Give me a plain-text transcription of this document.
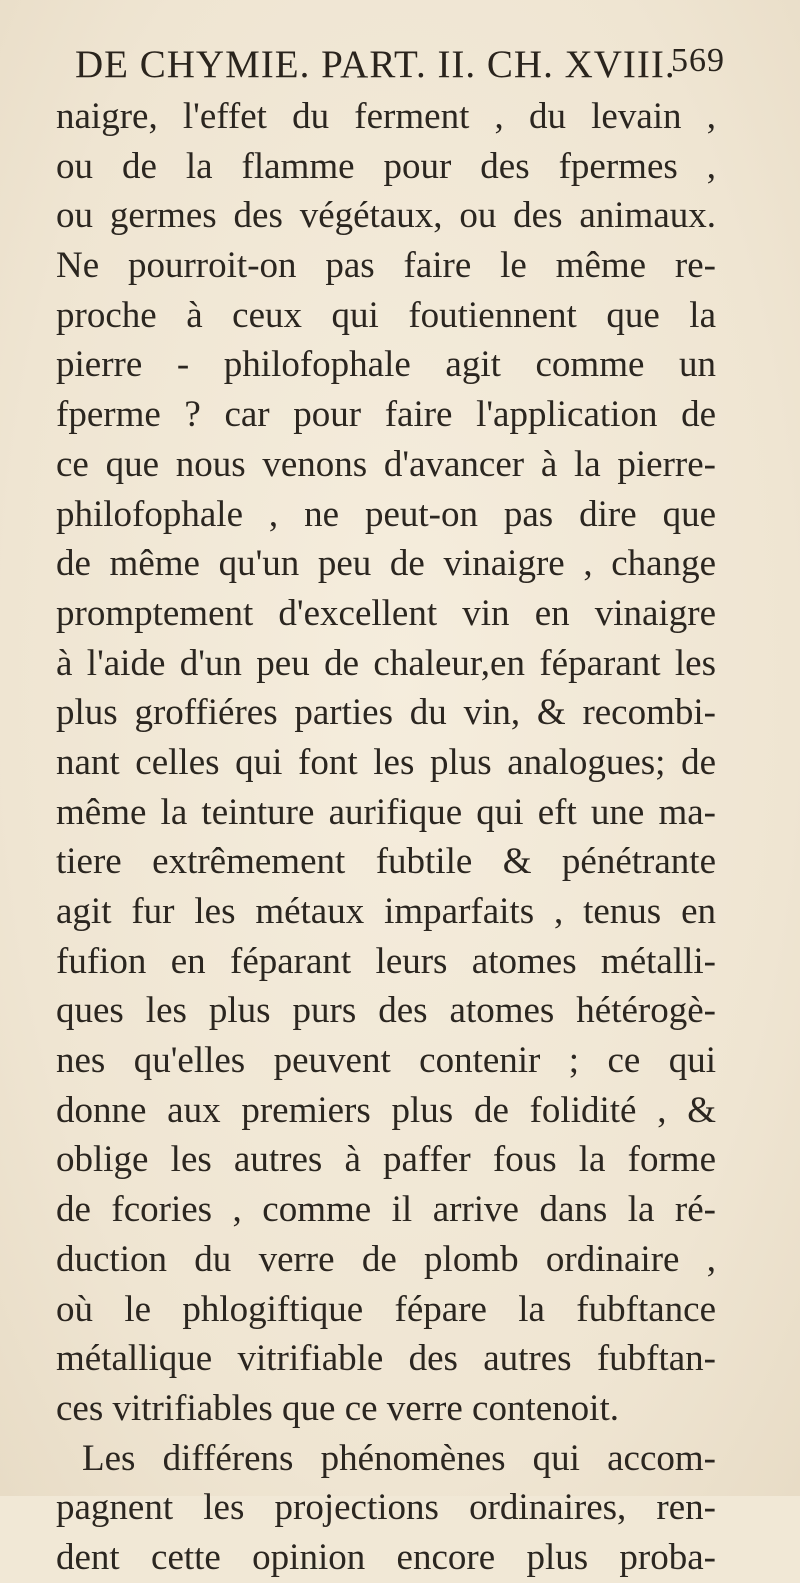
DE CHYMIE. PART. II. CH. XVIII.
569
naigre, l'effet du ferment , du levain ,
ou de la flamme pour des fpermes ,
ou germes des végétaux, ou des animaux.
Ne pourroit-on pas faire le même re-
proche à ceux qui foutiennent que la
pierre - philofophale agit comme un
fperme ? car pour faire l'application de
ce que nous venons d'avancer à la pierre-
philofophale , ne peut-on pas dire que
de même qu'un peu de vinaigre , change
promptement d'excellent vin en vinaigre
à l'aide d'un peu de chaleur,en féparant les
plus groffiéres parties du vin, & recombi-
nant celles qui font les plus analogues; de
même la teinture aurifique qui eft une ma-
tiere extrêmement fubtile & pénétrante
agit fur les métaux imparfaits , tenus en
fufion en féparant leurs atomes métalli-
ques les plus purs des atomes hétérogè-
nes qu'elles peuvent contenir ; ce qui
donne aux premiers plus de folidité , &
oblige les autres à paffer fous la forme
de fcories , comme il arrive dans la ré-
duction du verre de plomb ordinaire ,
où le phlogiftique fépare la fubftance
métallique vitrifiable des autres fubftan-
ces vitrifiables que ce verre contenoit.
Les différens phénomènes qui accom-
pagnent les projections ordinaires, ren-
dent cette opinion encore plus proba-
